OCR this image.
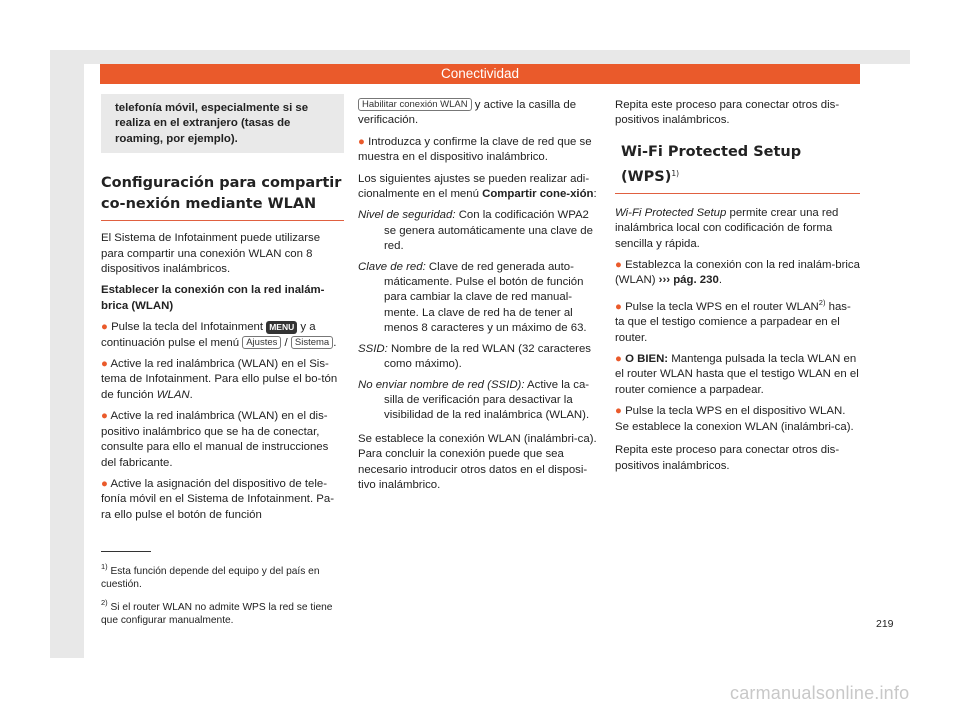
Conectividad
telefonía móvil, especialmente si se realiza en el extranjero (tasas de roaming, por ejemplo).
Configuración para compartir co-nexión mediante WLAN

El Sistema de Infotainment puede utilizarse para compartir una conexión WLAN con 8 dispositivos inalámbricos.

Establecer la conexión con la red inalám-brica (WLAN)

● Pulse la tecla del Infotainment MENU y a continuación pulse el menú Ajustes / Sistema .

● Active la red inalámbrica (WLAN) en el Sis-tema de Infotainment. Para ello pulse el bo-tón de función WLAN.

● Active la red inalámbrica (WLAN) en el dis-positivo inalámbrico que se ha de conectar, consulte para ello el manual de instrucciones del fabricante.

● Active la asignación del dispositivo de tele-fonía móvil en el Sistema de Infotainment. Pa-ra ello pulse el botón de función

Habilitar conexión WLAN y active la casilla de verificación.

● Introduzca y confirme la clave de red que se muestra en el dispositivo inalámbrico.

Los siguientes ajustes se pueden realizar adi-cionalmente en el menú Compartir cone-xión:

Nivel de seguridad: Con la codificación WPA2 se genera automáticamente una clave de red.
Clave de red: Clave de red generada auto-máticamente. Pulse el botón de función para cambiar la clave de red manual-mente. La clave de red ha de tener al menos 8 caracteres y un máximo de 63.
SSID: Nombre de la red WLAN (32 caracteres como máximo).
No enviar nombre de red (SSID): Active la ca-silla de verificación para desactivar la visibilidad de la red inalámbrica (WLAN).

Se establece la conexión WLAN (inalámbri-ca). Para concluir la conexión puede que sea necesario introducir otros datos en el disposi-tivo inalámbrico.

Repita este proceso para conectar otros dis-positivos inalámbricos.

Wi-Fi Protected Setup (WPS)$^{1)}$

Wi-Fi Protected Setup permite crear una red inalámbrica local con codificación de forma sencilla y rápida.

● Establezca la conexión con la red inalám-brica (WLAN) ››› pág. 230.

● Pulse la tecla WPS en el router WLAN$^{2)}$ has-ta que el testigo comience a parpadear en el router.

● O BIEN: Mantenga pulsada la tecla WLAN en el router WLAN hasta que el testigo WLAN en el router comience a parpadear.

● Pulse la tecla WPS en el dispositivo WLAN. Se establece la conexion WLAN (inalámbri-ca).

Repita este proceso para conectar otros dis-positivos inalámbricos.

$^{1)}$ Esta función depende del equipo y del país en cuestión.

$^{2)}$ Si el router WLAN no admite WPS la red se tiene que configurar manualmente.	219
carmanualsonline.info
